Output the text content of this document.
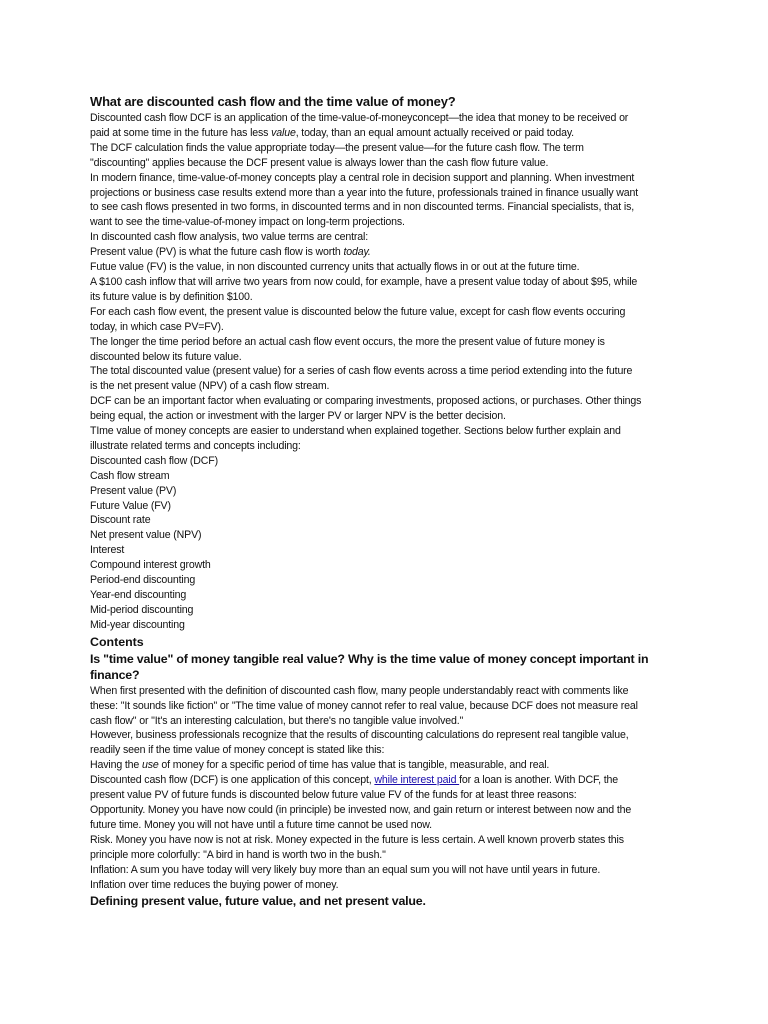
What are discounted cash flow and the time value of money?
Discounted cash flow DCF is an application of the time-value-of-moneyconcept—the idea that money to be received or
paid at some time in the future has less value, today, than an equal amount actually received or paid today.
The DCF calculation finds the value appropriate today—the present value—for the future cash flow. The term
"discounting" applies because the DCF present value is always lower than the cash flow future value.
In modern finance, time-value-of-money concepts play a central role in decision support and planning. When investment
projections or business case results extend more than a year into the future, professionals trained in finance usually want
to see cash flows presented in two forms, in discounted terms and in non discounted terms. Financial specialists, that is,
want to see the time-value-of-money impact on long-term projections.
In discounted cash flow analysis, two value terms are central:
Present value (PV) is what the future cash flow is worth today.
Futue value (FV) is the value, in non discounted currency units that actually flows in or out at the future time.
A $100 cash inflow that will arrive two years from now could, for example, have a present value today of about $95, while
its future value is by definition $100.
For each cash flow event, the present value is discounted below the future value, except for cash flow events occuring
today, in which case PV=FV).
The longer the time period before an actual cash flow event occurs, the more the present value of future money is
discounted below its future value.
The total discounted value (present value) for a series of cash flow events across a time period extending into the future
is the net present value (NPV) of a cash flow stream.
DCF can be an important factor when evaluating or comparing investments, proposed actions, or purchases. Other things
being equal, the action or investment with the larger PV or larger NPV is the better decision.
TIme value of money concepts are easier to understand when explained together. Sections below further explain and
illustrate related terms and concepts including:
Discounted cash flow (DCF)
Cash flow stream
Present value (PV)
Future Value (FV)
Discount rate
Net present value (NPV)
Interest
Compound interest growth
Period-end discounting
Year-end discounting
Mid-period discounting
Mid-year discounting
Contents
Is "time value" of money tangible real value? Why is the time value of money concept important in
finance?
When first presented with the definition of discounted cash flow, many people understandably react with comments like
these: "It sounds like fiction" or "The time value of money cannot refer to real value, because DCF does not measure real
cash flow" or "It's an interesting calculation, but there's no tangible value involved."
However, business professionals recognize that the results of discounting calculations do represent real tangible value,
readily seen if the time value of money concept is stated like this:
Having the use of money for a specific period of time has value that is tangible, measurable, and real.
Discounted cash flow (DCF) is one application of this concept, while interest paid for a loan is another. With DCF, the
present value PV of future funds is discounted below future value FV of the funds for at least three reasons:
Opportunity. Money you have now could (in principle) be invested now, and gain return or interest between now and the
future time. Money you will not have until a future time cannot be used now.
Risk. Money you have now is not at risk. Money expected in the future is less certain. A well known proverb states this
principle more colorfully: "A bird in hand is worth two in the bush."
Inflation: A sum you have today will very likely buy more than an equal sum you will not have until years in future.
Inflation over time reduces the buying power of money.
Defining present value, future value, and net present value.
